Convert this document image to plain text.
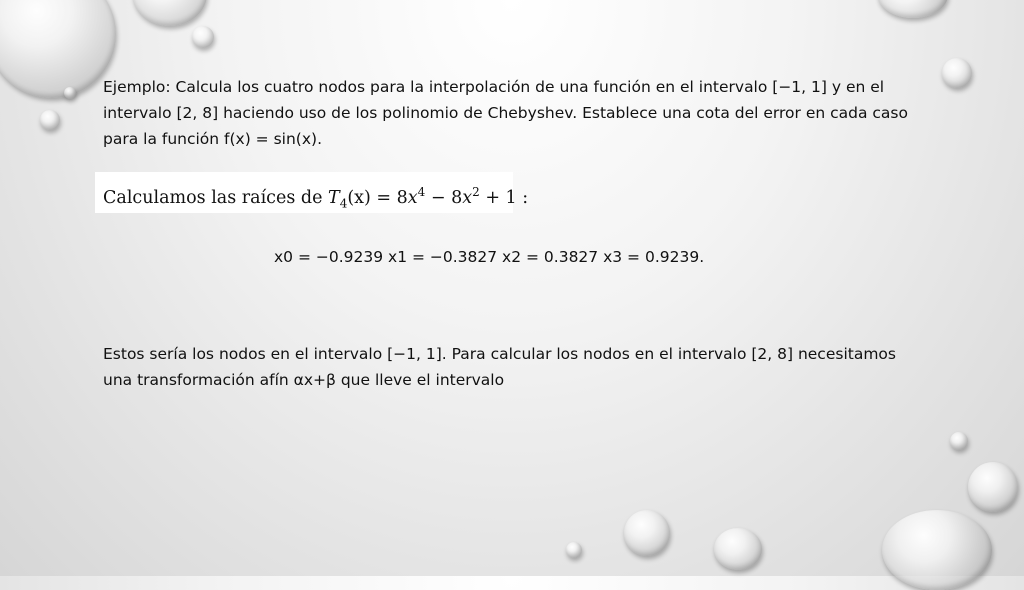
Ejemplo: Calcula los cuatro nodos para la interpolación de una función en el intervalo [−1, 1] y en el intervalo [2, 8] haciendo uso de los polinomio de Chebyshev. Establece una cota del error en cada caso para la función f(x) = sin(x).

Calculamos las raíces de $T_4(x) = 8x^4 - 8x^2 + 1$ :

x0 = −0.9239 x1 = −0.3827 x2 = 0.3827 x3 = 0.9239.

Estos sería los nodos en el intervalo [−1, 1]. Para calcular los nodos en el intervalo [2, 8] necesitamos una transformación afín αx+β que lleve el intervalo
